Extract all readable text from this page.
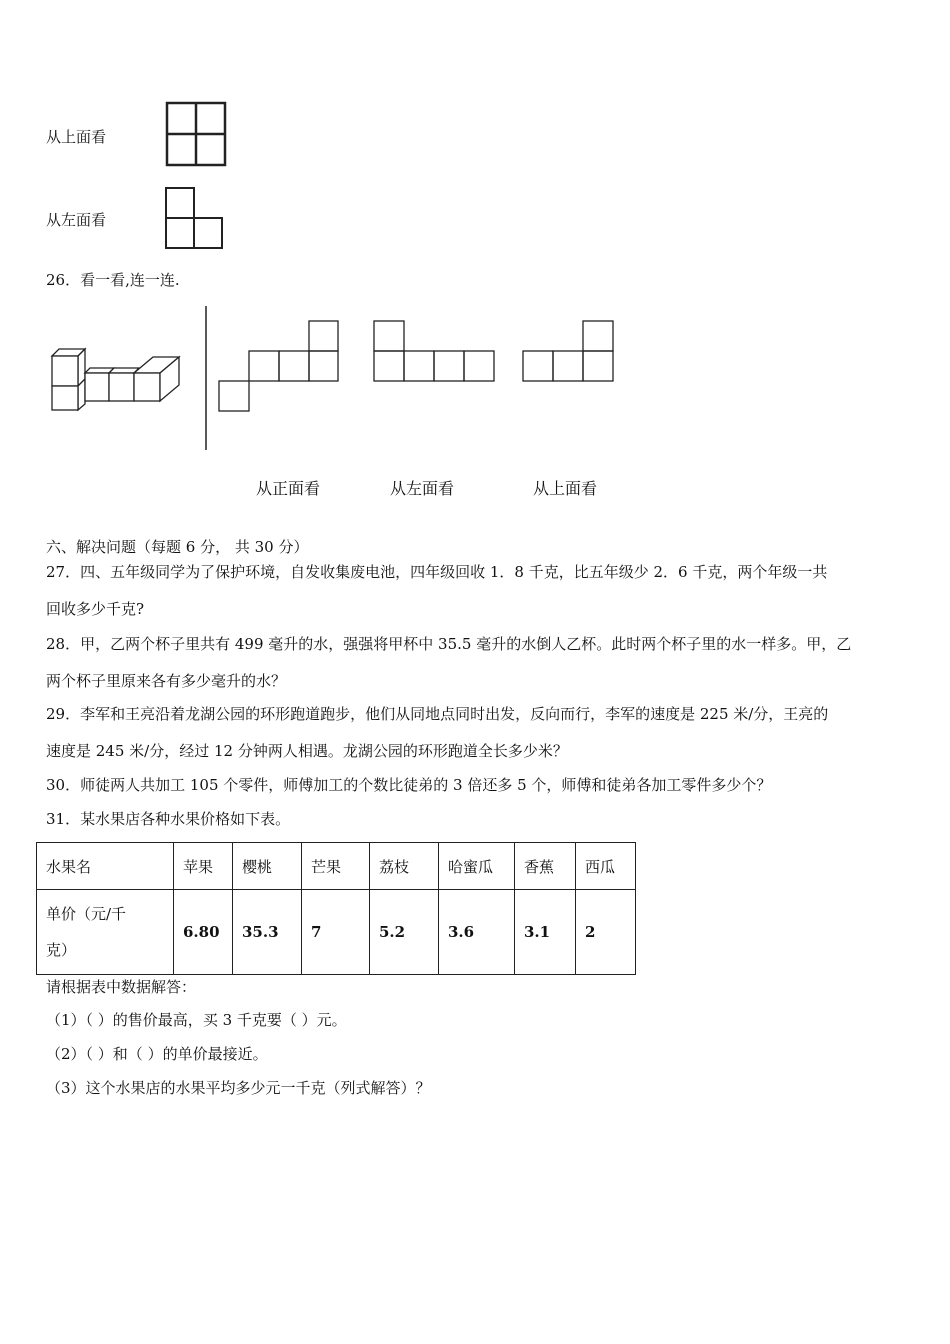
从上面看
从左面看
26．看一看,连一连.
从正面看	从左面看	从上面看
六、解决问题（每题 6 分， 共 30 分）
27．四、五年级同学为了保护环境，自发收集废电池，四年级回收 1．8 千克，比五年级少 2．6 千克，两个年级一共
回收多少千克?
28．甲，乙两个杯子里共有 499 毫升的水，强强将甲杯中 35.5 毫升的水倒人乙杯。此时两个杯子里的水一样多。甲，乙
两个杯子里原来各有多少毫升的水？
29．李军和王亮沿着龙湖公园的环形跑道跑步，他们从同地点同时出发，反向而行，李军的速度是 225 米/分，王亮的
速度是 245 米/分，经过 12 分钟两人相遇。龙湖公园的环形跑道全长多少米？
30．师徒两人共加工 105 个零件，师傅加工的个数比徒弟的 3 倍还多 5 个，师傅和徒弟各加工零件多少个？
31．某水果店各种水果价格如下表。
水果名	苹果	樱桃	芒果	荔枝	哈蜜瓜	香蕉	西瓜

单价（元/千
克）	6.80	35.3	7	5.2	3.6	3.1	2
请根据表中数据解答：
（1）（ ）的售价最高，买 3 千克要（ ）元。
（2）（ ）和（ ）的单价最接近。
（3）这个水果店的水果平均多少元一千克（列式解答）？
